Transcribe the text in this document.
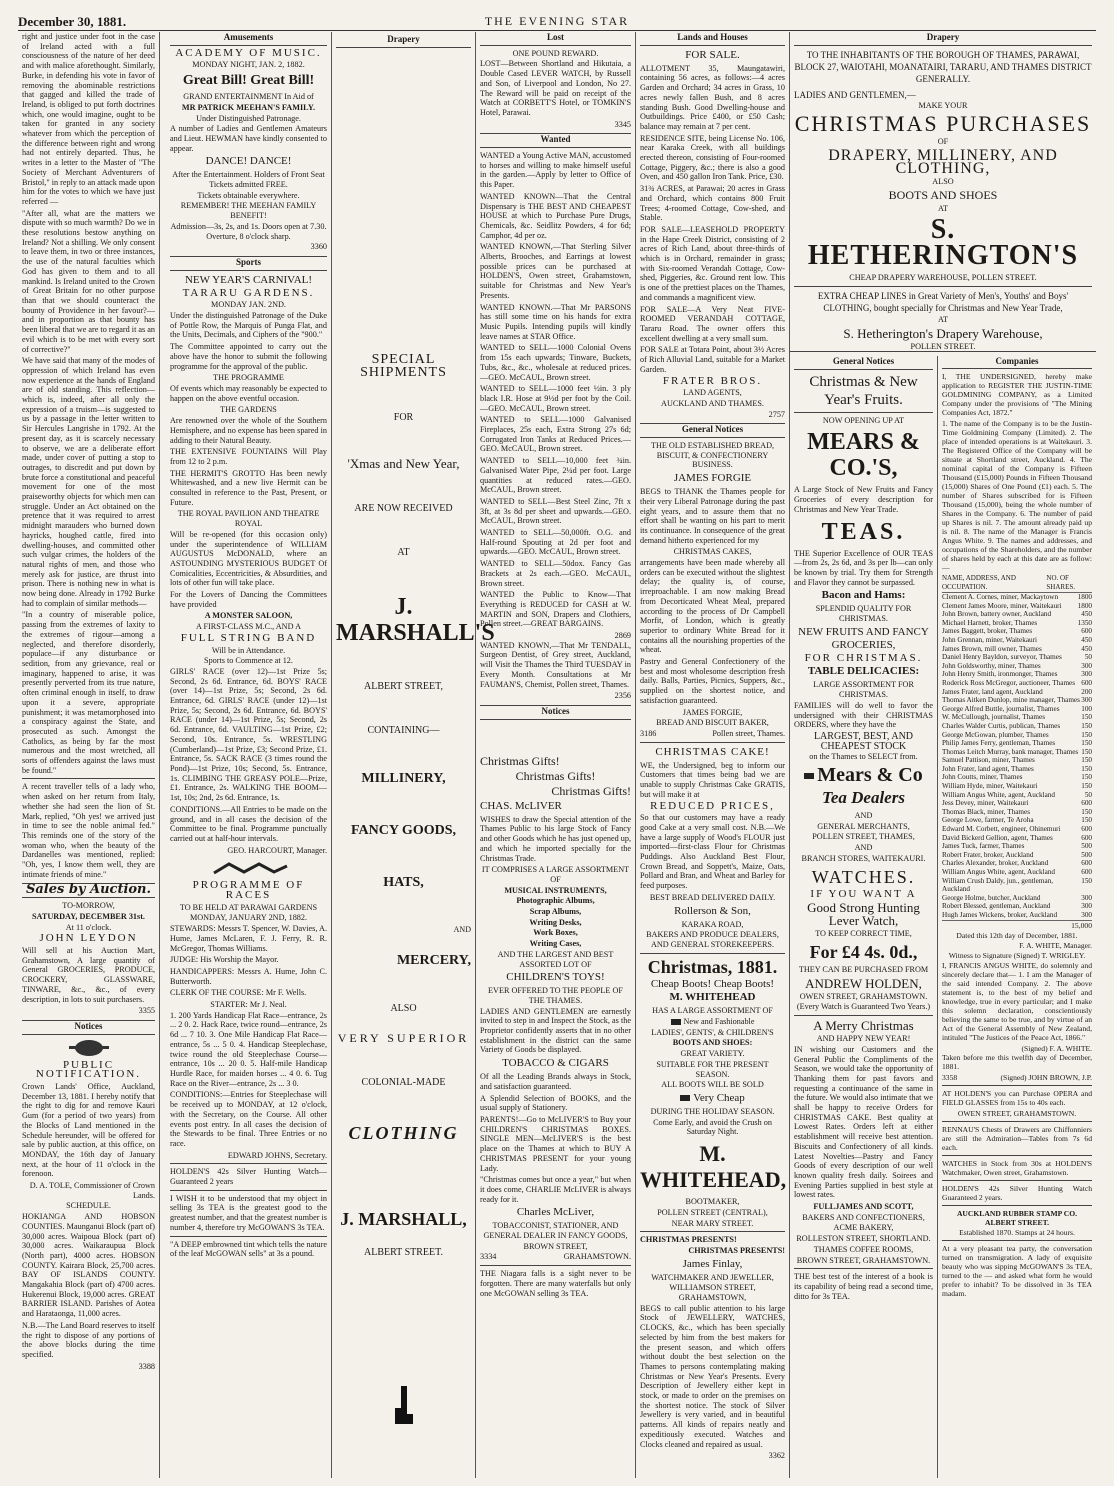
December 30, 1881.	THE EVENING STAR

right and justice under foot in the case of Ireland acted with a full consciousness of the nature of her deed and with malice aforethought. Similarly, Burke, in defending his vote in favor of removing the abominable restrictions that gagged and killed the trade of Ireland, is obliged to put forth doctrines which, one would imagine, ought to be taken for granted in any society whatever from which the perception of the difference between right and wrong had not entirely departed. Thus, he writes in a letter to the Master of "The Society of Merchant Adventurers of Bristol," in reply to an attack made upon him for the votes to which we have just referred —

"After all, what are the matters we dispute with so much warmth? Do we in these resolutions bestow anything on Ireland? Not a shilling. We only consent to leave them, in two or three instances, the use of the natural faculties which God has given to them and to all mankind. Is Ireland united to the Crown of Great Britain for no other purpose than that we should counteract the bounty of Providence in her favour?—and in proportion as that bounty has been liberal that we are to regard it as an evil which is to be met with every sort of corrective?"

We have said that many of the modes of oppression of which Ireland has even now experience at the hands of England are of old standing. This reflection—which is, indeed, after all only the expression of a truism—is suggested to us by a passage in the letter written to Sir Hercules Langrishe in 1792. At the present day, as it is scarcely necessary to observe, we are a deliberate effort made, under cover of putting a stop to outrages, to discredit and put down by brute force a constitutional and peaceful movement for one of the most praiseworthy objects for which men can struggle. Under an Act obtained on the pretence that it was required to arrest midnight marauders who burned down hayricks, houghed cattle, fired into dwelling-houses, and committed other such vulgar crimes, the holders of the natural rights of men, and those who merely ask for justice, are thrust into prison. There is nothing new in what is now being done. Already in 1792 Burke had to complain of similar methods—

"In a country of miserable police, passing from the extremes of laxity to the extremes of rigour—among a neglected, and therefore disorderly, populace—if any disturbance or sedition, from any grievance, real or imaginary, happened to arise, it was presently perverted from its true nature, often criminal enough in itself, to draw upon it a severe, appropriate punishment; it was metamorphosed into a conspiracy against the State, and prosecuted as such. Amongst the Catholics, as being by far the most numerous and the most wretched, all sorts of offenders against the laws must be found."

A recent traveller tells of a lady who, when asked on her return from Italy, whether she had seen the lion of St. Mark, replied, "Oh yes! we arrived just in time to see the noble animal fed." This reminds one of the story of the woman who, when the beauty of the Dardanelles was mentioned, replied: "Oh, yes, I know them well, they are intimate friends of mine."

Sales by Auction.
TO-MORROW,
SATURDAY, DECEMBER 31st.
At 11 o'clock.
JOHN LEYDON

Will sell at his Auction Mart, Grahamstown, A large quantity of General GROCERIES, PRODUCE, CROCKERY, GLASSWARE, TINWARE, &c., &c., of every description, in lots to suit purchasers.

3355
Notices
PUBLIC NOTIFICATION.

Crown Lands' Office, Auckland, December 13, 1881. I hereby notify that the right to dig for and remove Kauri Gum (for a period of two years) from the Blocks of Land mentioned in the Schedule hereunder, will be offered for sale by public auction, at this office, on MONDAY, the 16th day of January next, at the hour of 11 o'clock in the forenoon.

D. A. TOLE, Commissioner of Crown Lands.
SCHEDULE.

HOKIANGA AND HOBSON COUNTIES. Maunganui Block (part of) 30,000 acres. Waipoua Block (part of) 30,000 acres. Waikaraupua Block (North part), 4000 acres. HOBSON COUNTY. Kairara Block, 25,700 acres. BAY OF ISLANDS COUNTY. Mangakahia Block (part of) 4700 acres. Hukerenui Block, 19,000 acres. GREAT BARRIER ISLAND. Parishes of Aotea and Harataonga, 11,000 acres.

N.B.—The Land Board reserves to itself the right to dispose of any portions of the above blocks during the time specified.

3388
Amusements
ACADEMY OF MUSIC.
MONDAY NIGHT, JAN. 2, 1882.
Great Bill! Great Bill!
GRAND ENTERTAINMENT In Aid of
MR PATRICK MEEHAN'S FAMILY.
Under Distinguished Patronage.

A number of Ladies and Gentlemen Amateurs and Lieut. HEWMAN have kindly consented to appear.

DANCE! DANCE!
After the Entertainment. Holders of Front Seat Tickets admitted FREE.
Tickets obtainable everywhere.
REMEMBER! THE MEEHAN FAMILY BENEFIT!
Admission—3s, 2s, and 1s. Doors open at 7.30. Overture, 8 o'clock sharp.
3360
Sports
NEW YEAR'S CARNIVAL!
TARARU GARDENS.
MONDAY JAN. 2ND.

Under the distinguished Patronage of the Duke of Pottle Row, the Marquis of Punga Flat, and the Units, Decimals, and Ciphers of the "900."

The Committee appointed to carry out the above have the honor to submit the following programme for the approval of the public.

THE PROGRAMME

Of events which may reasonably be expected to happen on the above eventful occasion.

THE GARDENS

Are renowned over the whole of the Southern Hemisphere, and no expense has been spared in adding to their Natural Beauty.

THE EXTENSIVE FOUNTAINS Will Play from 12 to 2 p.m.

THE HERMIT'S GROTTO Has been newly Whitewashed, and a new live Hermit can be consulted in reference to the Past, Present, or Future.

THE ROYAL PAVILION AND THEATRE ROYAL

Will be re-opened (for this occasion only) under the superintendence of WILLIAM AUGUSTUS McDONALD, where an ASTOUNDING MYSTERIOUS BUDGET Of Comicalities, Eccentricities, & Absurdities, and lots of other fun will take place.

For the Lovers of Dancing the Committees have provided

A MONSTER SALOON,
A FIRST-CLASS M.C., AND A
FULL STRING BAND
Will be in Attendance.
Sports to Commence at 12.

GIRLS' RACE (over 12)—1st Prize 5s; Second, 2s 6d. Entrance, 6d. BOYS' RACE (over 14)—1st Prize, 5s; Second, 2s 6d. Entrance, 6d. GIRLS' RACE (under 12)—1st Prize, 5s; Second, 2s 6d. Entrance, 6d. BOYS' RACE (under 14)—1st Prize, 5s; Second, 2s 6d. Entrance, 6d. VAULTING—1st Prize, £2; Second, 10s. Entrance, 5s. WRESTLING (Cumberland)—1st Prize, £3; Second Prize, £1. Entrance, 5s. SACK RACE (3 times round the Pond)—1st Prize, 10s; Second, 5s. Entrance, 1s. CLIMBING THE GREASY POLE—Prize, £1. Entrance, 2s. WALKING THE BOOM—1st, 10s; 2nd, 2s 6d. Entrance, 1s.

CONDITIONS.—All Entries to be made on the ground, and in all cases the decision of the Committee to be final. Programme punctually carried out at half-hour intervals.

GEO. HARCOURT, Manager.
PROGRAMME OF RACES
TO BE HELD AT PARAWAI GARDENS
MONDAY, JANUARY 2ND, 1882.

STEWARDS: Messrs T. Spencer, W. Davies, A. Hume, James McLaren, F. J. Ferry, R. R. McGregor, Thomas Williams.

JUDGE: His Worship the Mayor.

HANDICAPPERS: Messrs A. Hume, John C. Butterworth.

CLERK OF THE COURSE: Mr F. Wells.

STARTER: Mr J. Neal.

1. 200 Yards Handicap Flat Race—entrance, 2s ... 2 0. 2. Hack Race, twice round—entrance, 2s 6d ... 7 10. 3. One Mile Handicap Flat Race—entrance, 5s ... 5 0. 4. Handicap Steeplechase, twice round the old Steeplechase Course—entrance, 10s ... 20 0. 5. Half-mile Handicap Hurdle Race, for maiden horses ... 4 0. 6. Tug Race on the River—entrance, 2s ... 3 0.

CONDITIONS:—Entries for Steeplechase will be received up to MONDAY, at 12 o'clock, with the Secretary, on the Course. All other events post entry. In all cases the decision of the Stewards to be final. Three Entries or no race.

EDWARD JOHNS, Secretary.

HOLDEN'S 42s Silver Hunting Watch—Guaranteed 2 years

I WISH it to be understood that my object in selling 3s TEA is the greatest good to the greatest number, and that the greatest number is number 4, therefore try McGOWAN'S 3s TEA.

"A DEEP embrowned tint which tells the nature of the leaf McGOWAN sells" at 3s a pound.

Drapery
SPECIAL SHIPMENTS
FOR
'Xmas and New Year,
ARE NOW RECEIVED
AT
J. MARSHALL'S
ALBERT STREET,
CONTAINING—
MILLINERY,
FANCY GOODS,
HATS,
AND
MERCERY,
ALSO
VERY SUPERIOR
COLONIAL-MADE
CLOTHING
J. MARSHALL,
ALBERT STREET.
Lost
ONE POUND REWARD.

LOST—Between Shortland and Hikutaia, a Double Cased LEVER WATCH, by Russell and Son, of Liverpool and London, No 27. The Reward will be paid on receipt of the Watch at CORBETT'S Hotel, or TOMKIN'S Hotel, Parawai.

3345
Wanted

WANTED a Young Active MAN, accustomed to horses and willing to make himself useful in the garden.—Apply by letter to Office of this Paper.

WANTED KNOWN—That the Central Dispensary is THE BEST AND CHEAPEST HOUSE at which to Purchase Pure Drugs, Chemicals, &c. Seidlitz Powders, 4 for 6d; Camphor, 4d per oz.

WANTED KNOWN,—That Sterling Silver Alberts, Brooches, and Earrings at lowest possible prices can be purchased at HOLDEN'S, Owen street, Grahamstown, suitable for Christmas and New Year's Presents.

WANTED KNOWN.—That Mr PARSONS has still some time on his hands for extra Music Pupils. Intending pupils will kindly leave names at STAR Office.

WANTED to SELL—1000 Colonial Ovens from 15s each upwards; Tinware, Buckets, Tubs, &c., &c., wholesale at reduced prices.—GEO. McCAUL, Brown street.

WANTED to SELL—1000 feet ½in. 3 ply black I.R. Hose at 9½d per foot by the Coil.—GEO. McCAUL, Brown street.

WANTED to SELL—1000 Galvanised Fireplaces, 25s each, Extra Strong 27s 6d; Corrugated Iron Tanks at Reduced Prices.—GEO. McCAUL, Brown street.

WANTED to SELL—10,000 feet ¾in. Galvanised Water Pipe, 2¼d per foot. Large quantities at reduced rates.—GEO. McCAUL, Brown street.

WANTED to SELL—Best Steel Zinc, 7ft x 3ft, at 3s 8d per sheet and upwards.—GEO. McCAUL, Brown street.

WANTED to SELL—50,000ft. O.G. and Half-round Spouting at 2d per foot and upwards.—GEO. McCAUL, Brown street.

WANTED to SELL—50dox. Fancy Gas Brackets at 2s each.—GEO. McCAUL, Brown street.

WANTED the Public to Know—That Everything is REDUCED for CASH at W. MARTIN and SON, Drapers and Clothiers, Pollen street.—GREAT BARGAINS.

2869

WANTED KNOWN,—That Mr TENDALL, Surgeon Dentist, of Grey street, Auckland, will Visit the Thames the Third TUESDAY in Every Month. Consultations at Mr FAUMAN'S, Chemist, Pollen street, Thames.

2356
Notices
Christmas Gifts!
Christmas Gifts!
Christmas Gifts!
CHAS. McLIVER

WISHES to draw the Special attention of the Thames Public to his large Stock of Fancy and other Goods which he has just opened up, and which he imported specially for the Christmas Trade.

IT COMPRISES A LARGE ASSORTMENT OF
MUSICAL INSTRUMENTS,
Photographic Albums,
Scrap Albums,
Writing Desks,
Work Boxes,
Writing Cases,
AND THE LARGEST AND BEST ASSORTED LOT OF
CHILDREN'S TOYS!
EVER OFFERED TO THE PEOPLE OF THE THAMES.

LADIES AND GENTLEMEN are earnestly invited to step in and Inspect the Stock, as the Proprietor confidently asserts that in no other establishment in the district can the same Variety of Goods be displayed.

TOBACCO & CIGARS

Of all the Leading Brands always in Stock, and satisfaction guaranteed.

A Splendid Selection of BOOKS, and the usual supply of Stationery.

PARENTS!—Go to McLIVER'S to Buy your CHILDREN'S CHRISTMAS BOXES. SINGLE MEN—McLIVER'S is the best place on the Thames at which to BUY A CHRISTMAS PRESENT for your young Lady.

"Christmas comes but once a year," but when it does come, CHARLIE McLIVER is always ready for it.

Charles McLiver,
TOBACCONIST, STATIONER, AND GENERAL DEALER IN FANCY GOODS,
BROWN STREET,
3334	GRAHAMSTOWN.

THE Niagara falls is a sight never to be forgotten. There are many waterfalls but only one McGOWAN selling 3s TEA.

Lands and Houses
FOR SALE.

ALLOTMENT 35, Maungatawiri, containing 56 acres, as follows:—4 acres Garden and Orchard; 34 acres in Grass, 10 acres newly fallen Bush, and 8 acres standing Bush. Good Dwelling-house and Outbuildings. Price £400, or £50 Cash; balance may remain at 7 per cent.

RESIDENCE SITE, being License No. 106, near Karaka Creek, with all buildings erected thereon, consisting of Four-roomed Cottage, Piggery, &c.; there is also a good Oven, and 450 gallon Iron Tank. Price, £30.

31¾ ACRES, at Parawai; 20 acres in Grass and Orchard, which contains 800 Fruit Trees; 4-roomed Cottage, Cow-shed, and Stable.

FOR SALE—LEASEHOLD PROPERTY in the Hape Creek District, consisting of 2 acres of Rich Land, about three-thirds of which is in Orchard, remainder in grass; with Six-roomed Verandah Cottage, Cow-shed, Piggeries, &c. Ground rent low. This is one of the prettiest places on the Thames, and commands a magnificent view.

FOR SALE—A Very Neat FIVE-ROOMED VERANDAH COTTAGE, Tararu Road. The owner offers this excellent dwelling at a very small sum.

FOR SALE at Totara Point, about 3½ Acres of Rich Alluvial Land, suitable for a Market Garden.

FRATER BROS.
LAND AGENTS,
AUCKLAND AND THAMES.
2757
General Notices
THE OLD ESTABLISHED BREAD, BISCUIT, & CONFECTIONERY BUSINESS.
JAMES FORGIE

BEGS to THANK the Thames people for their very Liberal Patronage during the past eight years, and to assure them that no effort shall be wanting on his part to merit its continuance. In consequence of the great demand hitherto experienced for my

CHRISTMAS CAKES,

arrangements have been made whereby all orders can be executed without the slightest delay; the quality is, of course, irreproachable. I am now making Bread from Decorticated Wheat Meal, prepared according to the process of Dr Campbell Morfit, of London, which is greatly superior to ordinary White Bread for it contains all the nourishing properties of the wheat.

Pastry and General Confectionery of the best and most wholesome description fresh daily. Balls, Parties, Picnics, Suppers, &c., supplied on the shortest notice, and satisfaction guaranteed.

JAMES FORGIE,
BREAD AND BISCUIT BAKER,
3186	Pollen street, Thames.
CHRISTMAS CAKE!

WE, the Undersigned, beg to inform our Customers that times being bad we are unable to supply Christmas Cake GRATIS, but will make it at

REDUCED PRICES,

So that our customers may have a ready good Cake at a very small cost. N.B.—We have a large supply of Wood's FLOUR just imported—first-class Flour for Christmas Puddings. Also Auckland Best Flour, Crown Bread, and Soppett's, Maize, Oats, Pollard and Bran, and Wheat and Barley for feed purposes.

BEST BREAD DELIVERED DAILY.
Rollerson & Son,
KARAKA ROAD,
BAKERS AND PRODUCE DEALERS, AND GENERAL STOREKEEPERS.
Christmas, 1881.
Cheap Boots! Cheap Boots!
M. WHITEHEAD
HAS A LARGE ASSORTMENT OF
New and Fashionable
LADIES', GENTS', & CHILDREN'S
BOOTS AND SHOES:
GREAT VARIETY.
SUITABLE FOR THE PRESENT SEASON.
ALL BOOTS WILL BE SOLD
Very Cheap
DURING THE HOLIDAY SEASON.
Come Early, and avoid the Crush on Saturday Night.
M. WHITEHEAD,
BOOTMAKER,
POLLEN STREET (CENTRAL),
NEAR MARY STREET.
CHRISTMAS PRESENTS!
CHRISTMAS PRESENTS!
James Finlay,
WATCHMAKER AND JEWELLER,
WILLIAMSON STREET, GRAHAMSTOWN,

BEGS to call public attention to his large Stock of JEWELLERY, WATCHES, CLOCKS, &c., which has been specially selected by him from the best makers for the present season, and which offers without doubt the best selection on the Thames to persons contemplating making Christmas or New Year's Presents. Every Description of Jewellery either kept in stock, or made to order on the premises on the shortest notice. The stock of Silver Jewellery is very varied, and in beautiful patterns. All kinds of repairs neatly and expeditiously executed. Watches and Clocks cleaned and repaired as usual.

3362
Drapery
TO THE INHABITANTS OF THE BOROUGH OF THAMES, PARAWAI, BLOCK 27, WAIOTAHI, MOANATAIRI, TARARU, AND THAMES DISTRICT GENERALLY.
LADIES AND GENTLEMEN,—
MAKE YOUR
CHRISTMAS PURCHASES
OF
DRAPERY, MILLINERY, AND CLOTHING,
ALSO
BOOTS AND SHOES
AT
S. HETHERINGTON'S
CHEAP DRAPERY WAREHOUSE, POLLEN STREET.
EXTRA CHEAP LINES in Great Variety of Men's, Youths' and Boys' CLOTHING, bought specially for Christmas and New Year Trade,
AT
S. Hetherington's Drapery Warehouse,
POLLEN STREET.
General Notices
Christmas & New Year's Fruits.
NOW OPENING UP AT
MEARS & CO.'S,

A Large Stock of New Fruits and Fancy Groceries of every description for Christmas and New Year Trade.

TEAS.

THE Superior Excellence of OUR TEAS—from 2s, 2s 6d, and 3s per lb—can only be known by trial. Try them for Strength and Flavor they cannot be surpassed.

Bacon and Hams:
SPLENDID QUALITY FOR CHRISTMAS.
NEW FRUITS AND FANCY GROCERIES,
FOR CHRISTMAS.
TABLE DELICACIES:
LARGE ASSORTMENT FOR CHRISTMAS.

FAMILIES will do well to favor the undersigned with their CHRISTMAS ORDERS, where they have the

LARGEST, BEST, AND CHEAPEST STOCK
on the Thames to SELECT from.
Mears & Co
Tea Dealers
AND
GENERAL MERCHANTS,
POLLEN STREET, THAMES,
AND
BRANCH STORES, WAITEKAURI.
WATCHES.
IF YOU WANT A
Good Strong Hunting Lever Watch,
TO KEEP CORRECT TIME,
For £4 4s. 0d.,
THEY CAN BE PURCHASED FROM
ANDREW HOLDEN,
OWEN STREET, GRAHAMSTOWN.
(Every Watch is Guaranteed Two Years.)
A Merry Christmas
AND HAPPY NEW YEAR!

IN wishing our Customers and the General Public the Compliments of the Season, we would take the opportunity of Thanking them for past favors and requesting a continuance of the same in the future. We would also intimate that we shall be happy to receive Orders for CHRISTMAS CAKE. Best quality at Lowest Rates. Orders left at either establishment will receive best attention. Biscuits and Confectionery of all kinds. Latest Novelties—Pastry and Fancy Goods of every description of our well known quality fresh daily. Soirees and Evening Parties supplied in best style at lowest rates.

FULLJAMES AND SCOTT,
BAKERS AND CONFECTIONERS,
ACME BAKERY,
ROLLESTON STREET, SHORTLAND.
THAMES COFFEE ROOMS,
BROWN STREET, GRAHAMSTOWN.

THE best test of the interest of a book is its capability of being read a second time, ditto for 3s TEA.

Companies

I, THE UNDERSIGNED, hereby make application to REGISTER THE JUSTIN-TIME GOLDMINING COMPANY, as a Limited Company under the provisions of "The Mining Companies Act, 1872."

1. The name of the Company is to be the Justin-Time Goldmining Company (Limited). 2. The place of intended operations is at Waitekauri. 3. The Registered Office of the Company will be situate at Shortland street, Auckland. 4. The nominal capital of the Company is Fifteen Thousand (£15,000) Pounds in Fifteen Thousand (15,000) Shares of One Pound (£1) each. 5. The number of Shares subscribed for is Fifteen Thousand (15,000), being the whole number of Shares in the Company. 6. The number of paid up Shares is nil. 7. The amount already paid up is nil. 8. The name of the Manager is Francis Angus White. 9. The names and addresses, and occupations of the Shareholders, and the number of shares held by each at this date are as follow:—

NAME, ADDRESS, AND OCCUPATION.
NO. OF SHARES.
Clement A. Cornes, miner, Mackaytown	1800
Clement James Moore, miner, Waitekauri 1800
John Brown, battery owner, Auckland	450
Michael Harnett, broker, Thames	1350
James Baggett, broker, Thames	600
John Grennan, miner, Waitekauri	450
James Brown, mill owner, Thames	450
Daniel Henry Bayldon, surveyor, Thames	50
John Goldsworthy, miner, Thames	300
John Henry Smith, ironmonger, Thames	300
Roderick Ross McGregor, auctioneer, Thames 600
James Frater, land agent, Auckland	200
Thomas Aitken Dunlop, mine manager, Thames 300
George Alfred Buttle, journalist, Thames	100
W. McCullough, journalist, Thames	150
Charles Walder Curtis, publican, Thames	150
George McGowan, plumber, Thames	150
Philip James Ferry, gentleman, Thames	150
Thomas Leitch Murray, bank manager, Thames 150
Samuel Pattison, miner, Thames	150
John Frater, land agent, Thames	150
John Coutts, miner, Thames	150
William Hyde, miner, Waitekauri	150
William Angus White, agent, Auckland	50
Jess Devey, miner, Waitekauri	600
Thomas Black, miner, Thames	150
George Lowe, farmer, Te Aroha	150
Edward M. Corbett, engineer, Ohinemuri	600
David Bickerd Gellion, agent, Thames	600
James Tuck, farmer, Thames	500
Robert Frater, broker, Auckland	500
Charles Alexander, broker, Auckland	600
William Angus White, agent, Auckland	600
William Crush Daldy, jun., gentleman, Auckland
150
George Holme, butcher, Auckland	300
Robert Blessed, gentleman, Auckland	300
Hugh James Wickens, broker, Auckland	300
15,000
Dated this 12th day of December, 1881.
F. A. WHITE, Manager.
Witness to Signature (Signed) T. WRIGLEY.

I, FRANCIS ANGUS WHITE, do solemnly and sincerely declare that— 1. I am the Manager of the said intended Company. 2. The above statement is, to the best of my belief and knowledge, true in every particular; and I make this solemn declaration, conscientiously believing the same to be true, and by virtue of an Act of the General Assembly of New Zealand, intituled "The Justices of the Peace Act, 1866."

(Signed) F. A. WHITE.

Taken before me this twelfth day of December, 1881.

3358	(Signed) JOHN BROWN, J.P.

AT HOLDEN'S you can Purchase OPERA and FIELD GLASSES from 15s to 40s each.

OWEN STREET, GRAHAMSTOWN.

RENNAU'S Chests of Drawers are Chiffonniers are still the Admiration—Tables from 7s 6d each.

WATCHES in Stock from 30s at HOLDEN'S Watchmaker, Owen street, Grahamstown.

HOLDEN'S 42s Silver Hunting Watch Guaranteed 2 years.

AUCKLAND RUBBER STAMP CO. ALBERT STREET.
Established 1870. Stamps at 24 hours.

At a very pleasant tea party, the conversation turned on transmigration. A lady of exquisite beauty who was sipping McGOWAN'S 3s TEA, turned to the — and asked what form he would prefer to inhabit? To be dissolved in 3s TEA madam.
